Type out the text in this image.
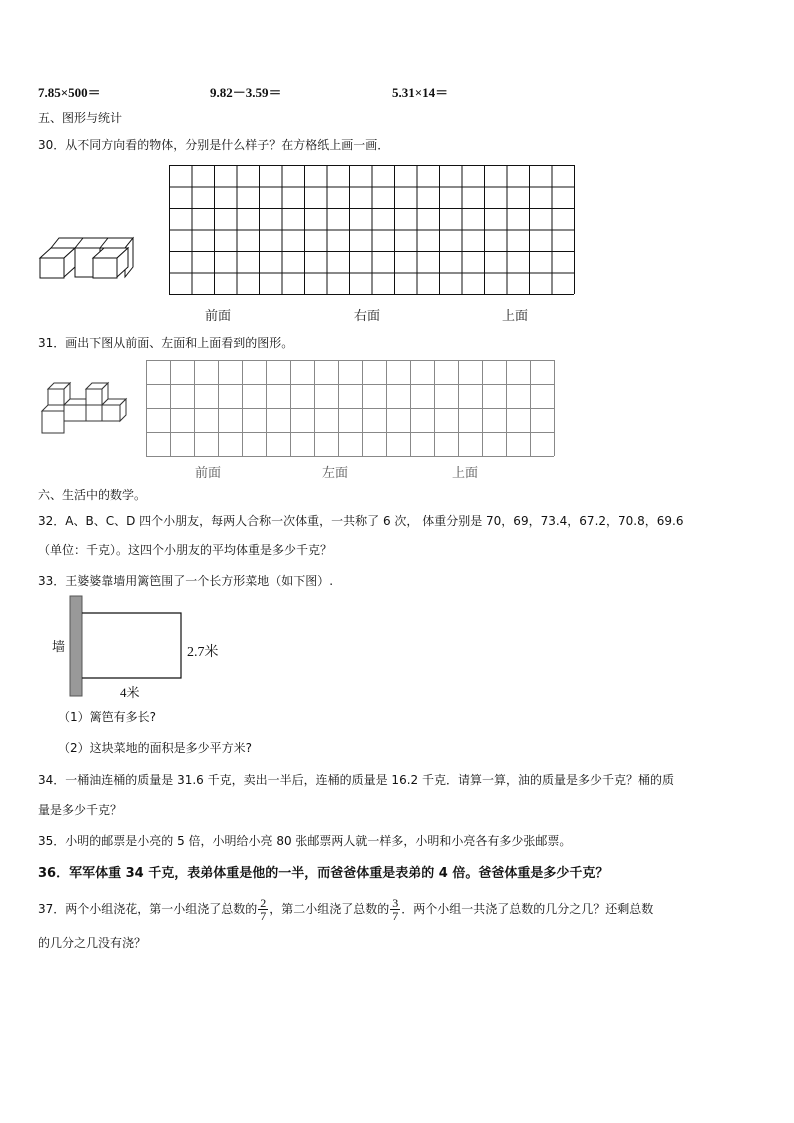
7.85×500＝	9.82－3.59＝	5.31×14＝
五、图形与统计
30．从不同方向看的物体，分别是什么样子？在方格纸上画一画．
前面	右面	上面
31．画出下图从前面、左面和上面看到的图形。
前面	左面	上面
六、生活中的数学。
32．A、B、C、D 四个小朋友，每两人合称一次体重，一共称了 6 次， 体重分别是 70，69，73.4，67.2，70.8，69.6
（单位：千克）。这四个小朋友的平均体重是多少千克？
33．王婆婆靠墙用篱笆围了一个长方形菜地（如下图）.
墙	2.7米
4米
（1）篱笆有多长?
（2）这块菜地的面积是多少平方米?
34．一桶油连桶的质量是 31.6 千克，卖出一半后，连桶的质量是 16.2 千克．请算一算，油的质量是多少千克？桶的质
量是多少千克？
35．小明的邮票是小亮的 5 倍，小明给小亮 80 张邮票两人就一样多，小明和小亮各有多少张邮票。
36．军军体重 34 千克，表弟体重是他的一半，而爸爸体重是表弟的 4 倍。爸爸体重是多少千克？
37．两个小组浇花，第一小组浇了总数的 $\frac{2}{7}$ ，第二小组浇了总数的 $\frac{3}{7}$ ．两个小组一共浇了总数的几分之几？还剩总数
的几分之几没有浇？
